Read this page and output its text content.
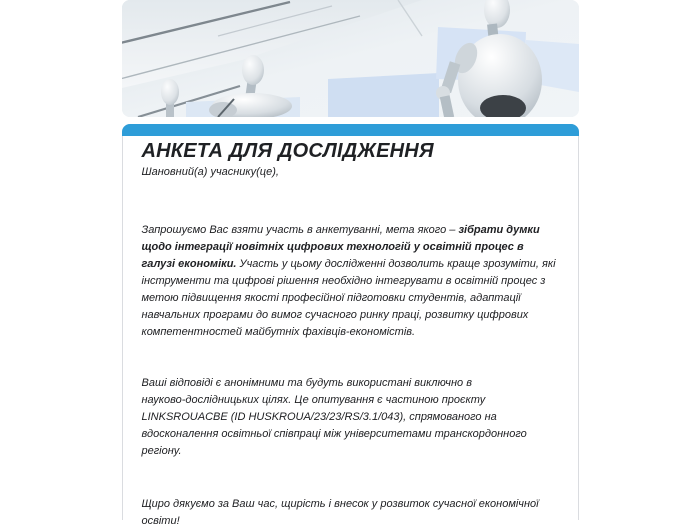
АНКЕТА ДЛЯ ДОСЛІДЖЕННЯ

Шановний(а) учаснику(це),

Запрошуємо Вас взяти участь в анкетуванні, мета якого – зібрати думки щодо інтеграції новітніх цифрових технологій у освітній процес в галузі економіки. Участь у цьому дослідженні дозволить краще зрозуміти, які інструменти та цифрові рішення необхідно інтегрувати в освітній процес з метою підвищення якості професійної підготовки студентів, адаптації навчальних програми до вимог сучасного ринку праці, розвитку цифрових компетентностей майбутніх фахівців-економістів.

Ваші відповіді є анонімними та будуть використані виключно в науково-дослідницьких цілях. Це опитування є частиною проєкту LINKSROUACBE (ID HUSKROUA/23/23/RS/3.1/043), спрямованого на вдосконалення освітньої співпраці між університетами транскордонного регіону.

Щиро дякуємо за Ваш час, щирість і внесок у розвиток сучасної економічної освіти!
